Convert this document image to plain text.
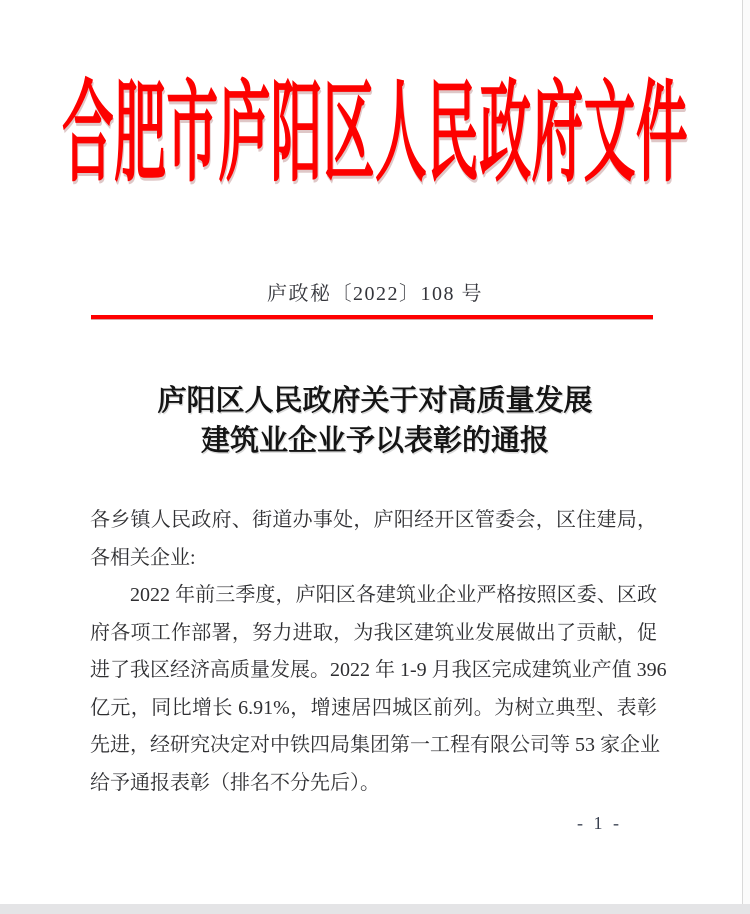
合肥市庐阳区人民政府文件
庐政秘〔2022〕108 号
庐阳区人民政府关于对高质量发展
建筑业企业予以表彰的通报
各乡镇人民政府、街道办事处，庐阳经开区管委会，区住建局，
各相关企业:
2022 年前三季度，庐阳区各建筑业企业严格按照区委、区政
府各项工作部署，努力进取，为我区建筑业发展做出了贡献，促
进了我区经济高质量发展。2022 年 1-9 月我区完成建筑业产值 396
亿元，同比增长 6.91%，增速居四城区前列。为树立典型、表彰
先进，经研究决定对中铁四局集团第一工程有限公司等 53 家企业
给予通报表彰（排名不分先后）。
- 1 -
